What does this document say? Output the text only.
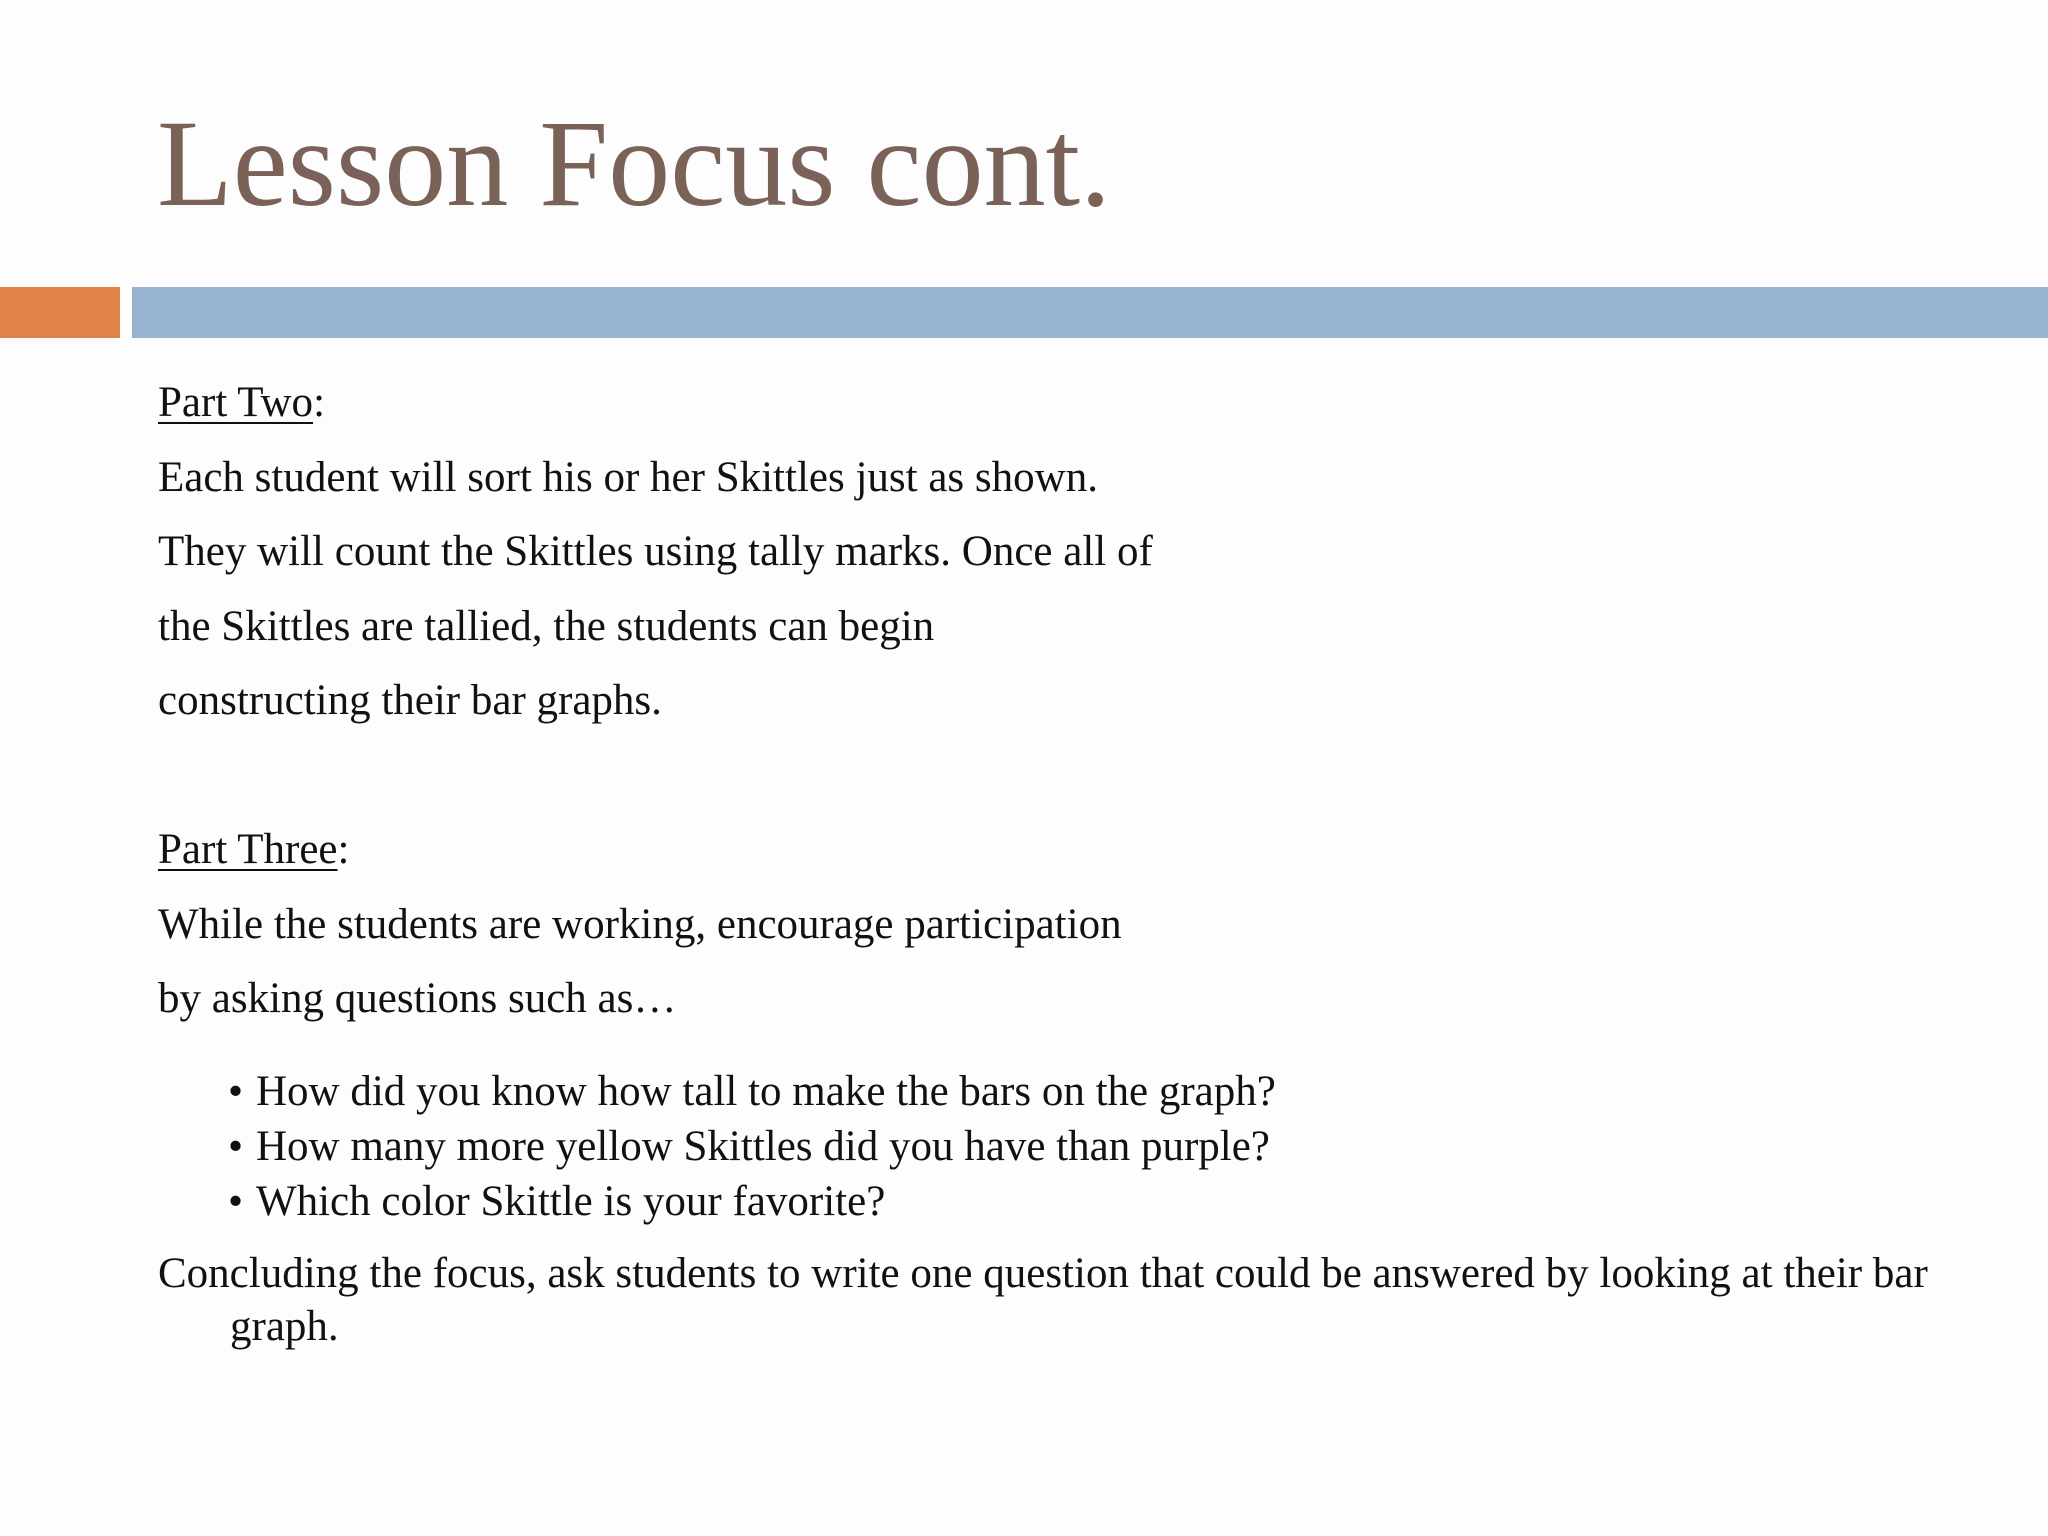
Lesson Focus cont.
Part Two:
Each student will sort his or her Skittles just as shown.
They will count the Skittles using tally marks. Once all of
the Skittles are tallied, the students can begin
constructing their bar graphs.
Part Three:
While the students are working, encourage participation
by asking questions such as…
• How did you know how tall to make the bars on the graph?
• How many more yellow Skittles did you have than purple?
• Which color Skittle is your favorite?
Concluding the focus, ask students to write one question that could be answered by looking at their bar graph.
